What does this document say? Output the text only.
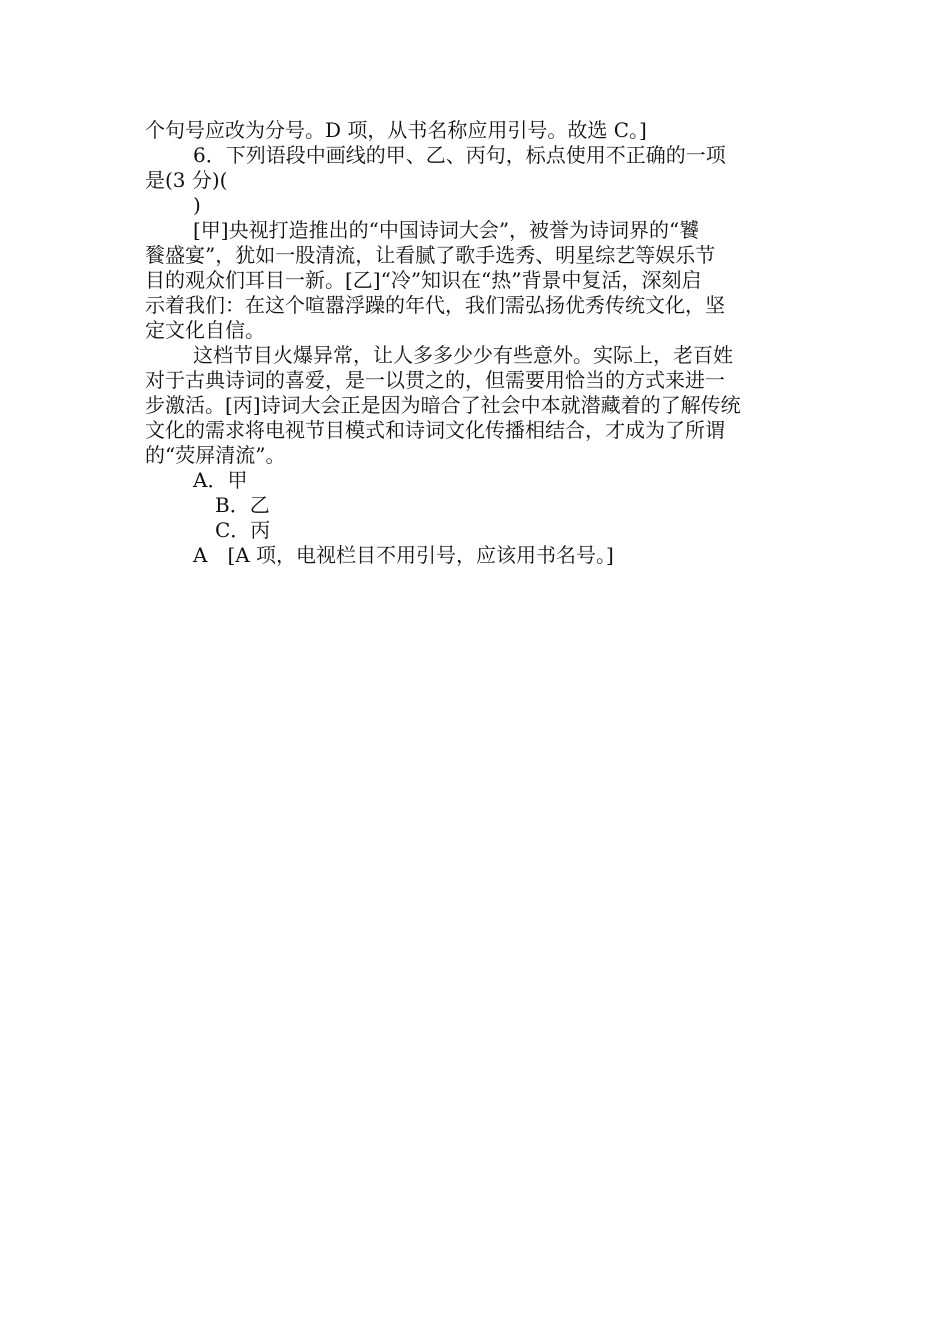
个句号应改为分号。D 项，从书名称应用引号。故选 C。]
6．下列语段中画线的甲、乙、丙句，标点使用不正确的一项
是(3 分)(
)
[甲]央视打造推出的“中国诗词大会”，被誉为诗词界的“饕
餮盛宴”，犹如一股清流，让看腻了歌手选秀、明星综艺等娱乐节
目的观众们耳目一新。[乙]“冷”知识在“热”背景中复活，深刻启
示着我们：在这个喧嚣浮躁的年代，我们需弘扬优秀传统文化，坚
定文化自信。
这档节目火爆异常，让人多多少少有些意外。实际上，老百姓
对于古典诗词的喜爱，是一以贯之的，但需要用恰当的方式来进一
步激活。[丙]诗词大会正是因为暗合了社会中本就潜藏着的了解传统
文化的需求将电视节目模式和诗词文化传播相结合，才成为了所谓
的“荧屏清流”。
A．甲
B．乙
C．丙
A　[A 项，电视栏目不用引号，应该用书名号。]
